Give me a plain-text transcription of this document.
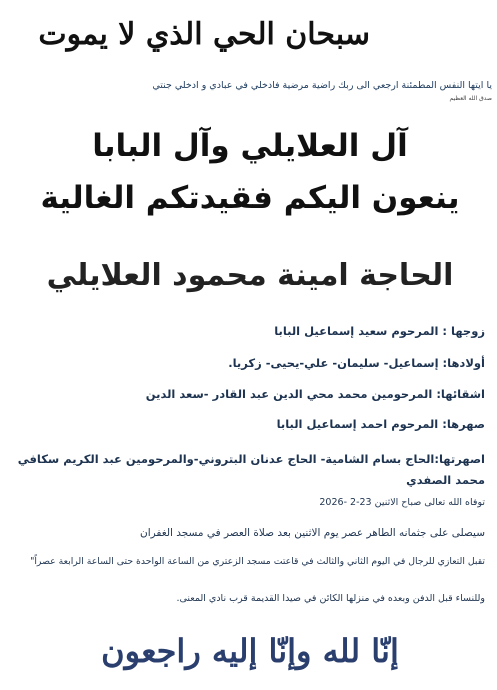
سبحان الحي الذي لا يموت
يا ايتها النفس المطمئنة ارجعي الى ربك راضية مرضية فادخلي في عبادي و ادخلي جنتي
صدق الله العظيم
آل العلايلي وآل البابا
ينعون اليكم فقيدتكم الغالية
الحاجة امينة محمود العلايلي
زوجها : المرحوم سعيد إسماعيل البابا
أولادها: إسماعيل- سليمان- علي-يحيى- زكريا.
اشقائها: المرحومين محمد محي الدين عبد القادر -سعد الدين
صهرها: المرحوم احمد إسماعيل البابا
اصهرتها:الحاج بسام الشامية- الحاج عدنان البتروني-والمرحومين عبد الكريم سكافي محمد الصفدي
توفاه الله تعالى صباح الاثنين 23-2 -2026
سيصلى على جثمانه الطاهر عصر يوم الاثنين بعد صلاة العصر في مسجد الغفران
تقبل التعازي للرجال في اليوم الثاني والثالث في قاعتت مسجد الزعتري من الساعة الواحدة حتى الساعة الرابعة عصراً"
وللنساء قبل الدفن وبعده في منزلها الكائن في صيدا القديمة قرب نادي المعنى.
إنّا لله وإنّا إليه راجعون
